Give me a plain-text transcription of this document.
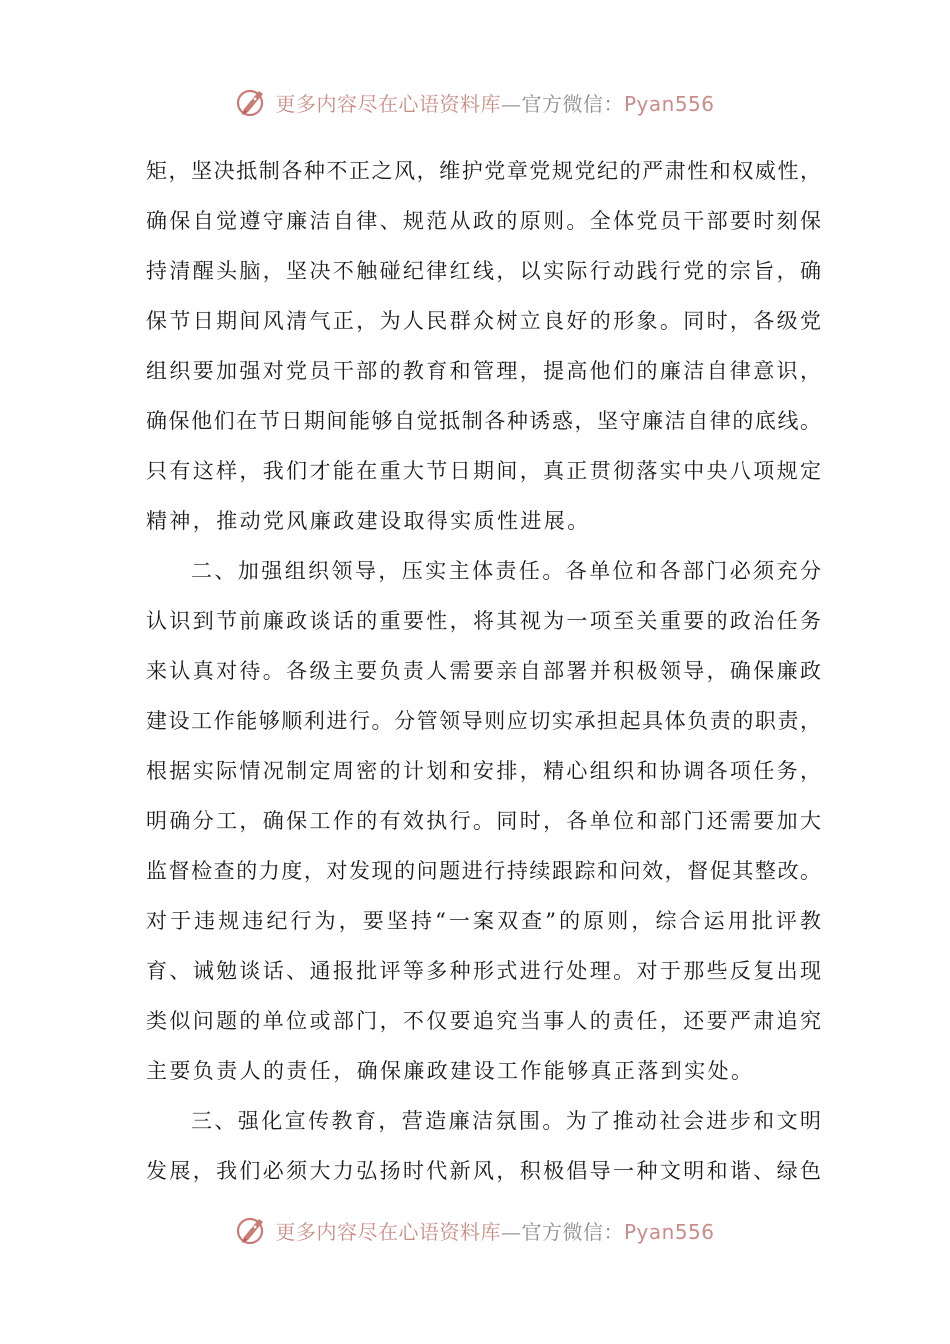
更多内容尽在心语资料库 — 官方微信： Pyan556
矩，坚决抵制各种不正之风，维护党章党规党纪的严肃性和权威性，
确保自觉遵守廉洁自律、规范从政的原则。全体党员干部要时刻保
持清醒头脑，坚决不触碰纪律红线，以实际行动践行党的宗旨，确
保节日期间风清气正，为人民群众树立良好的形象。同时，各级党
组织要加强对党员干部的教育和管理，提高他们的廉洁自律意识，
确保他们在节日期间能够自觉抵制各种诱惑，坚守廉洁自律的底线。
只有这样，我们才能在重大节日期间，真正贯彻落实中央八项规定
精神，推动党风廉政建设取得实质性进展。
二、加强组织领导，压实主体责任。各单位和各部门必须充分
认识到节前廉政谈话的重要性，将其视为一项至关重要的政治任务
来认真对待。各级主要负责人需要亲自部署并积极领导，确保廉政
建设工作能够顺利进行。分管领导则应切实承担起具体负责的职责，
根据实际情况制定周密的计划和安排，精心组织和协调各项任务，
明确分工，确保工作的有效执行。同时，各单位和部门还需要加大
监督检查的力度，对发现的问题进行持续跟踪和问效，督促其整改。
对于违规违纪行为，要坚持“一案双查”的原则，综合运用批评教
育、诫勉谈话、通报批评等多种形式进行处理。对于那些反复出现
类似问题的单位或部门，不仅要追究当事人的责任，还要严肃追究
主要负责人的责任，确保廉政建设工作能够真正落到实处。
三、强化宣传教育，营造廉洁氛围。为了推动社会进步和文明
发展，我们必须大力弘扬时代新风，积极倡导一种文明和谐、绿色
更多内容尽在心语资料库 — 官方微信： Pyan556
